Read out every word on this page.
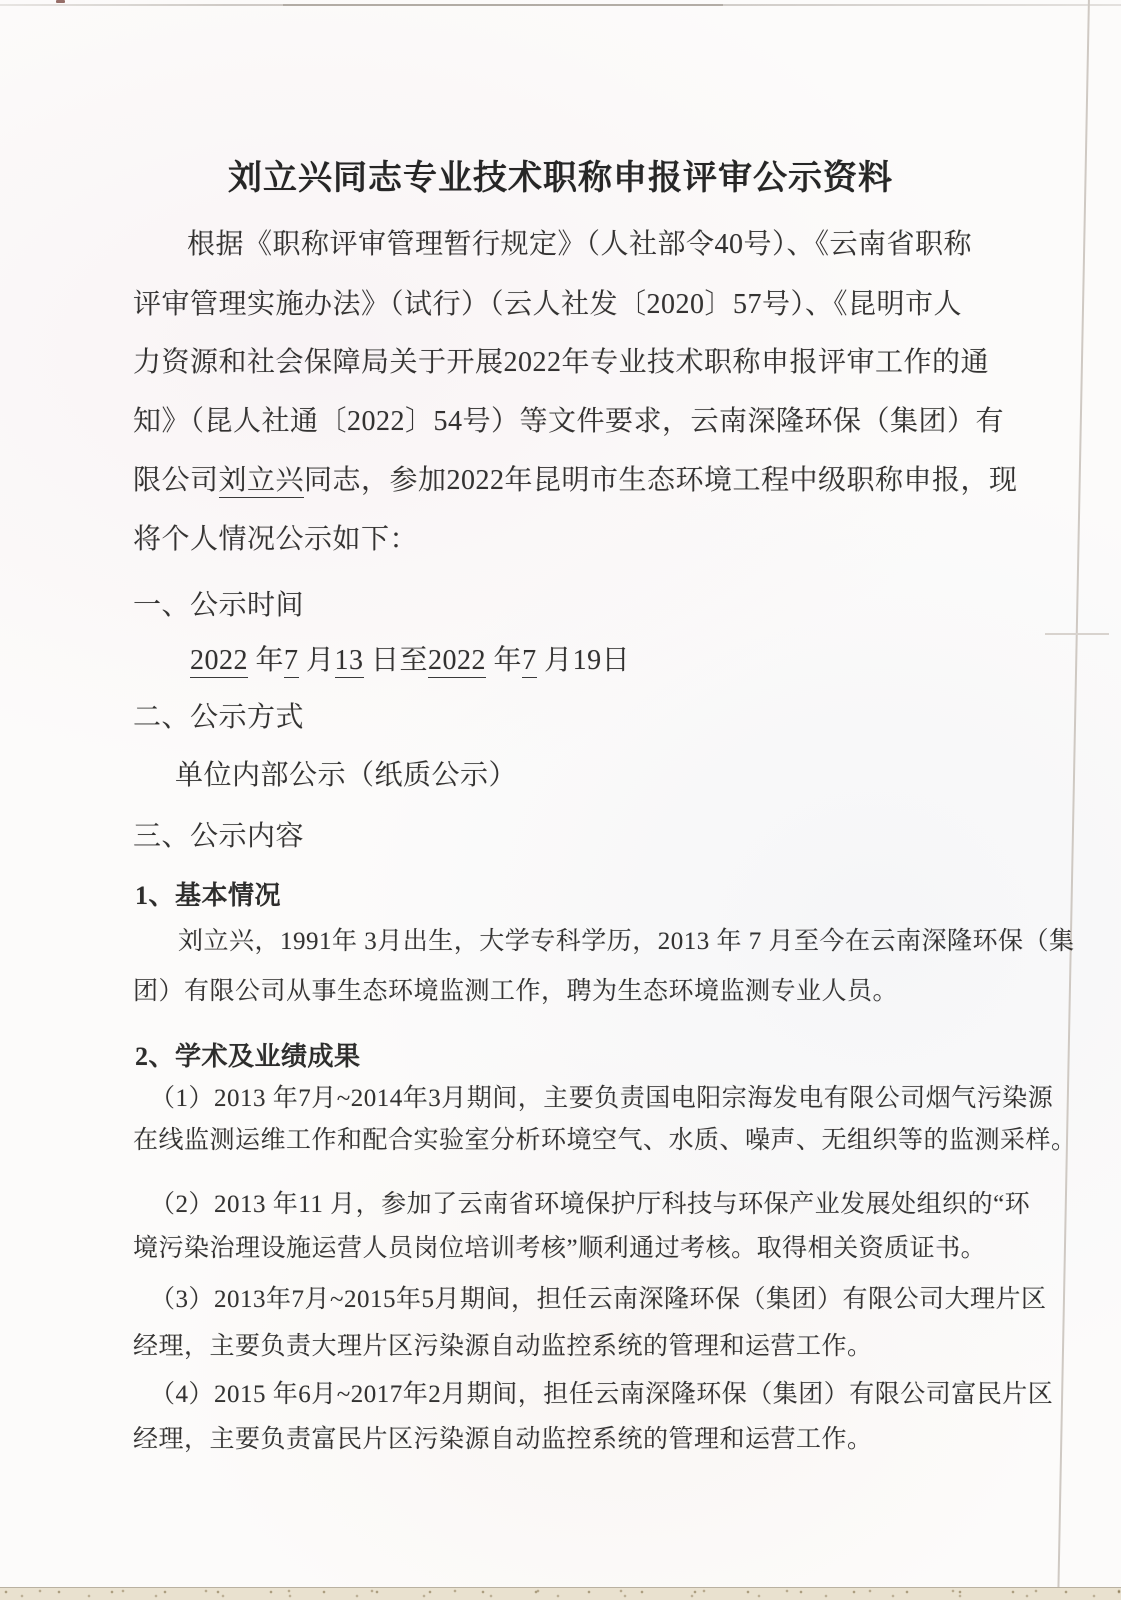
刘立兴同志专业技术职称申报评审公示资料
根据《职称评审管理暂行规定》（人社部令40号）、《云南省职称
评审管理实施办法》（试行）（云人社发〔2020〕57号）、《昆明市人
力资源和社会保障局关于开展2022年专业技术职称申报评审工作的通
知》（昆人社通〔2022〕54号）等文件要求，云南深隆环保（集团）有
限公司刘立兴同志，参加2022年昆明市生态环境工程中级职称申报，现
将个人情况公示如下：
一、公示时间
2022 年7 月13 日至2022 年7 月19日
二、公示方式
单位内部公示（纸质公示）
三、公示内容
1、基本情况
刘立兴，1991年 3月出生，大学专科学历，2013 年 7 月至今在云南深隆环保（集
团）有限公司从事生态环境监测工作，聘为生态环境监测专业人员。
2、学术及业绩成果
（1）2013 年7月~2014年3月期间，主要负责国电阳宗海发电有限公司烟气污染源
在线监测运维工作和配合实验室分析环境空气、水质、噪声、无组织等的监测采样。
（2）2013 年11 月，参加了云南省环境保护厅科技与环保产业发展处组织的“环
境污染治理设施运营人员岗位培训考核”顺利通过考核。取得相关资质证书。
（3）2013年7月~2015年5月期间，担任云南深隆环保（集团）有限公司大理片区
经理，主要负责大理片区污染源自动监控系统的管理和运营工作。
（4）2015 年6月~2017年2月期间，担任云南深隆环保（集团）有限公司富民片区
经理，主要负责富民片区污染源自动监控系统的管理和运营工作。
